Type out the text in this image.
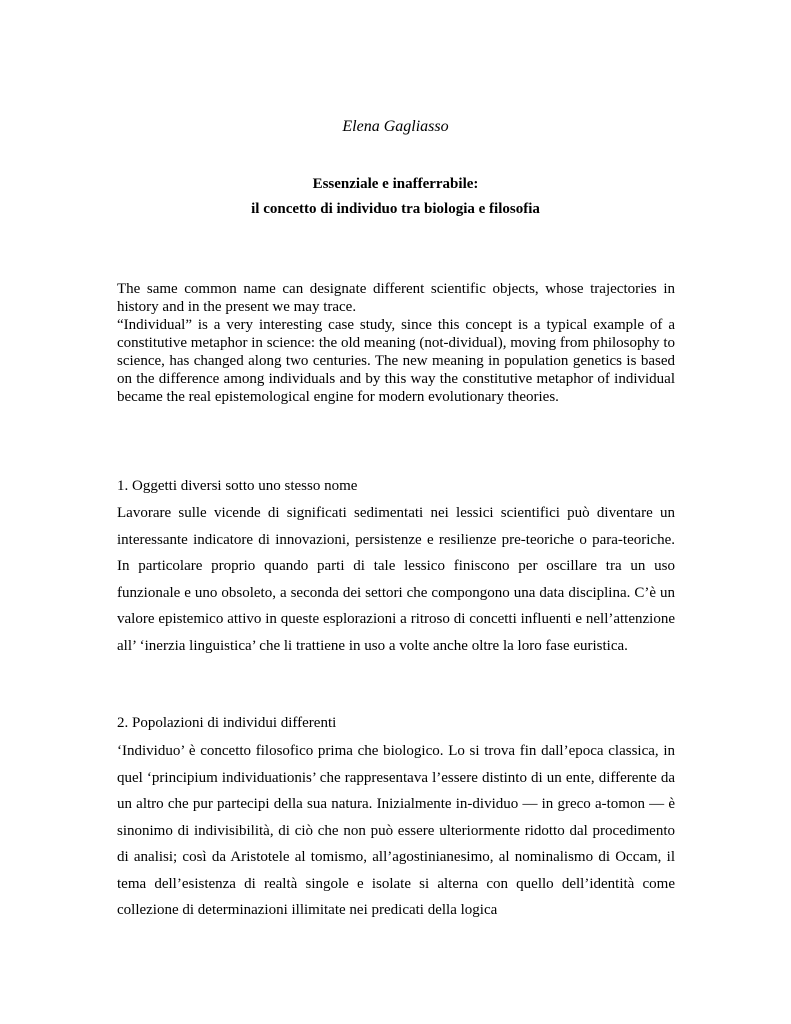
Elena Gagliasso
Essenziale e inafferrabile:
il concetto di individuo tra biologia e filosofia

The same common name can designate different scientific objects, whose trajectories in history and in the present we may trace.

“Individual” is a very interesting case study, since this concept is a typical example of a constitutive metaphor in science: the old meaning (not-dividual), moving from philosophy to science, has changed along two centuries. The new meaning in population genetics is based on the difference among individuals and by this way the constitutive metaphor of individual became the real epistemological engine for modern evolutionary theories.

1. Oggetti diversi sotto uno stesso nome

Lavorare sulle vicende di significati sedimentati nei lessici scientifici può diventare un interessante indicatore di innovazioni, persistenze e resilienze pre-teoriche o para-teoriche. In particolare proprio quando parti di tale lessico finiscono per oscillare tra un uso funzionale e uno obsoleto, a seconda dei settori che compongono una data disciplina. C’è un valore epistemico attivo in queste esplorazioni a ritroso di concetti influenti e nell’attenzione all’ ‘inerzia linguistica’ che li trattiene in uso a volte anche oltre la loro fase euristica.

2. Popolazioni di individui differenti

‘Individuo’ è concetto filosofico prima che biologico. Lo si trova fin dall’epoca classica, in quel ‘principium individuationis’ che rappresentava l’essere distinto di un ente, differente da un altro che pur partecipi della sua natura. Inizialmente in-dividuo — in greco a-tomon — è sinonimo di indivisibilità, di ciò che non può essere ulteriormente ridotto dal procedimento di analisi; così da Aristotele al tomismo, all’agostinianesimo, al nominalismo di Occam, il tema dell’esistenza di realtà singole e isolate si alterna con quello dell’identità come collezione di determinazioni illimitate nei predicati della logica
